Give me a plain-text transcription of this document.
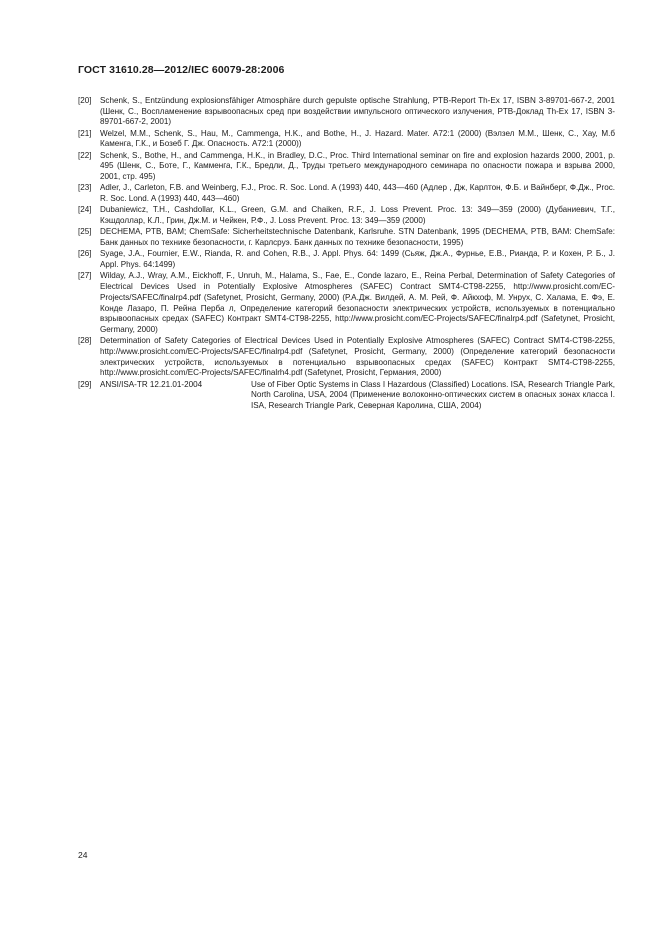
ГОСТ 31610.28—2012/IEC 60079-28:2006
[20]	Schenk, S., Entzündung explosionsfähiger Atmosphäre durch gepulste optische Strahlung, PTB-Report Th-Ex 17, ISBN 3-89701-667-2, 2001 (Шенк, С., Воспламенение взрывоопасных сред при воздействии импульсного оптического излучения, PTB-Доклад Th-Ex 17, ISBN 3-89701-667-2, 2001)
[21]	Welzel, M.M., Schenk, S., Hau, M., Cammenga, H.K., and Bothe, H., J. Hazard. Mater. A72:1 (2000) (Вэлзел М.М., Шенк, С., Хау, М.б Каменга, Г.К., и Бозеб Г. Дж. Опасность. A72:1 (2000))
[22]	Schenk, S., Bothe, H., and Cammenga, H.K., in Bradley, D.C., Proc. Third International seminar on fire and explosion hazards 2000, 2001, p. 495 (Шенк, С., Боте, Г., Камменга, Г.К., Бредли, Д., Труды третьего международного семинара по опасности пожара и взрыва 2000, 2001, стр. 495)
[23]	Adler, J., Carleton, F.B. and Weinberg, F.J., Proc. R. Soc. Lond. A (1993) 440, 443—460 (Адлер , Дж, Карлтон, Ф.Б. и Вайнберг, Ф.Дж., Proc. R. Soc. Lond. A (1993) 440, 443—460)
[24]	Dubaniewicz, T.H., Cashdollar, K.L., Green, G.M. and Chaiken, R.F., J. Loss Prevent. Proc. 13: 349—359 (2000) (Дубаниевич, Т.Г., Кэшдоллар, К.Л., Грин, Дж.М. и Чейкен, Р.Ф., J. Loss Prevent. Proc. 13: 349—359 (2000)
[25]	DECHEMA, PTB, BAM; ChemSafe: Sicherheitstechnische Datenbank, Karlsruhe. STN Datenbank, 1995 (DECHEMA, PTB, BAM: ChemSafe: Банк данных по технике безопасности, г. Карлсруэ. Банк данных по технике безопасности, 1995)
[26]	Syage, J.A., Fournier, E.W., Rianda, R. and Cohen, R.B., J. Appl. Phys. 64: 1499 (Сьяж, Дж.А., Фурнье, Е.В., Рианда, Р. и Кохен, Р. Б., J. Appl. Phys. 64:1499)
[27]	Wilday, A.J., Wray, A.M., Eickhoff, F., Unruh, M., Halama, S., Fae, E., Conde lazaro, E., Reina Perbal, Determination of Safety Categories of Electrical Devices Used in Potentially Explosive Atmospheres (SAFEC) Contract SMT4-CT98-2255, http://www.prosicht.com/EC-Projects/SAFEC/finalrp4.pdf (Safetynet, Prosicht, Germany, 2000) (Р.А.Дж. Вилдей, А. М. Рей, Ф. Айкхоф, М. Унрух, С. Халама, Е. Фэ, Е. Конде Лазаро, П. Рейна Перба л, Определение категорий безопасности электрических устройств, используемых в потенциально взрывоопасных средах (SAFEC) Контракт SMT4-CT98-2255, http://www.prosicht.com/EC-Projects/SAFEC/finalrp4.pdf (Safetynet, Prosicht, Germany, 2000)
[28]	Determination of Safety Categories of Electrical Devices Used in Potentially Explosive Atmospheres (SAFEC) Contract SMT4-CT98-2255, http://www.prosicht.com/EC-Projects/SAFEC/finalrp4.pdf (Safetynet, Prosicht, Germany, 2000) (Определение категорий безопасности электрических устройств, используемых в потенциально взрывоопасных средах (SAFEC) Контракт SMT4-CT98-2255, http://www.prosicht.com/EC-Projects/SAFEC/finalrh4.pdf (Safetynet, Prosicht, Германия, 2000)
[29]	ANSI/ISA-TR 12.21.01-2004	Use of Fiber Optic Systems in Class I Hazardous (Classified) Locations. ISA, Research Triangle Park, North Carolina, USA, 2004 (Применение волоконно-оптических систем в опасных зонах класса I. ISA, Research Triangle Park, Северная Каролина, США, 2004)
24
